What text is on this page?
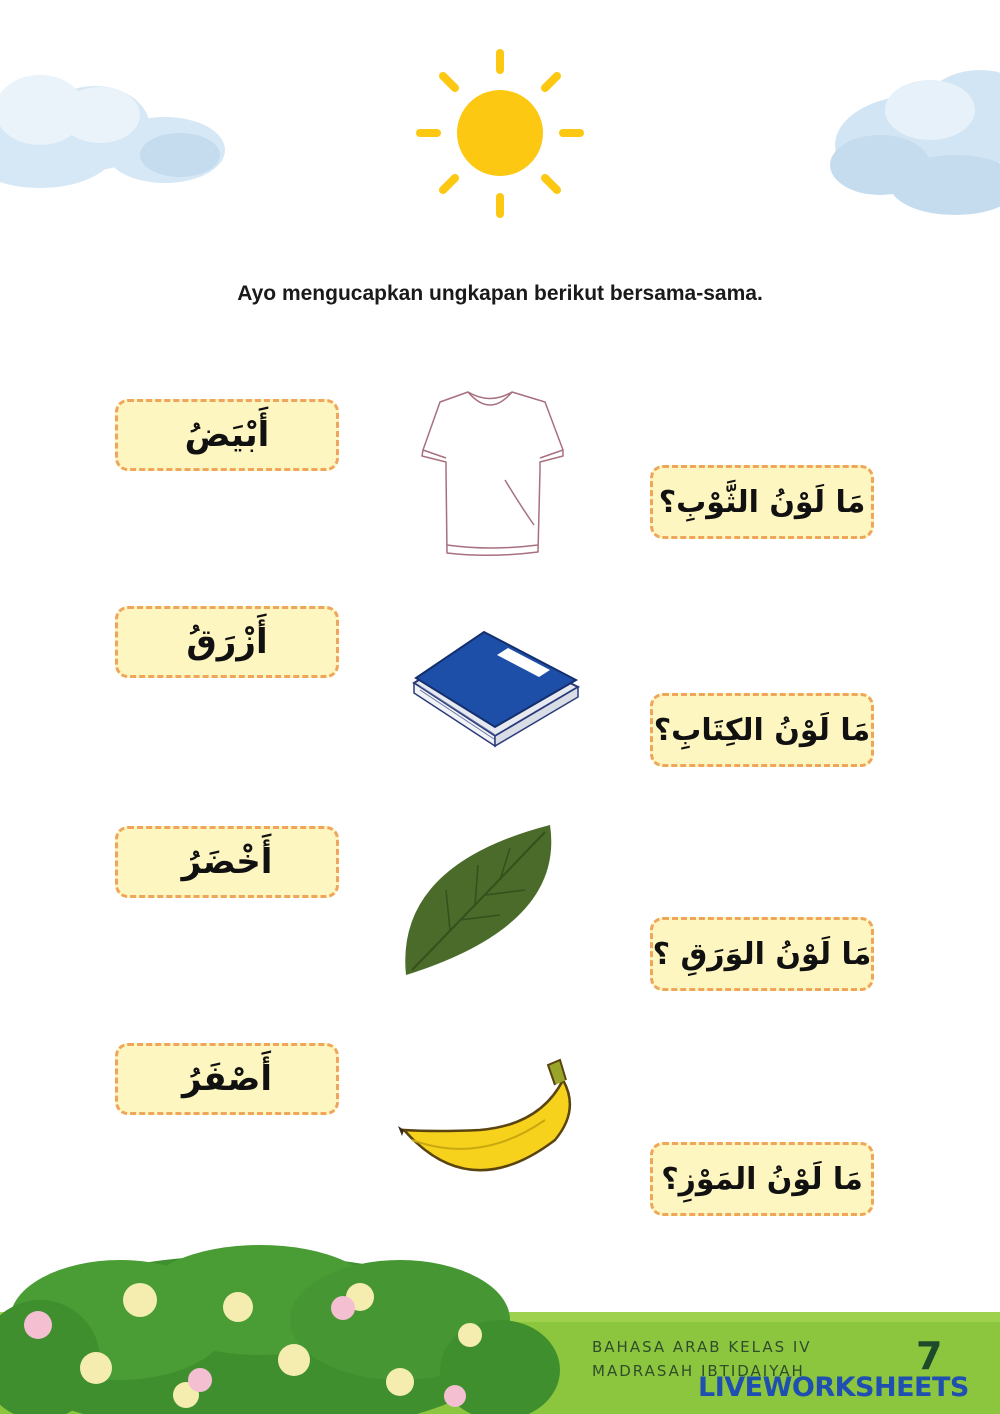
Ayo mengucapkan ungkapan berikut bersama-sama.
أَبْيَضُ
أَزْرَقُ
أَخْضَرُ
أَصْفَرُ
مَا لَوْنُ الثَّوْبِ؟
مَا لَوْنُ الكِتَابِ؟
مَا لَوْنُ الوَرَقِ ؟
مَا لَوْنُ المَوْزِ؟
BAHASA ARAB KELAS IV
MADRASAH IBTIDAIYAH	7
LIVEWORKSHEETS
